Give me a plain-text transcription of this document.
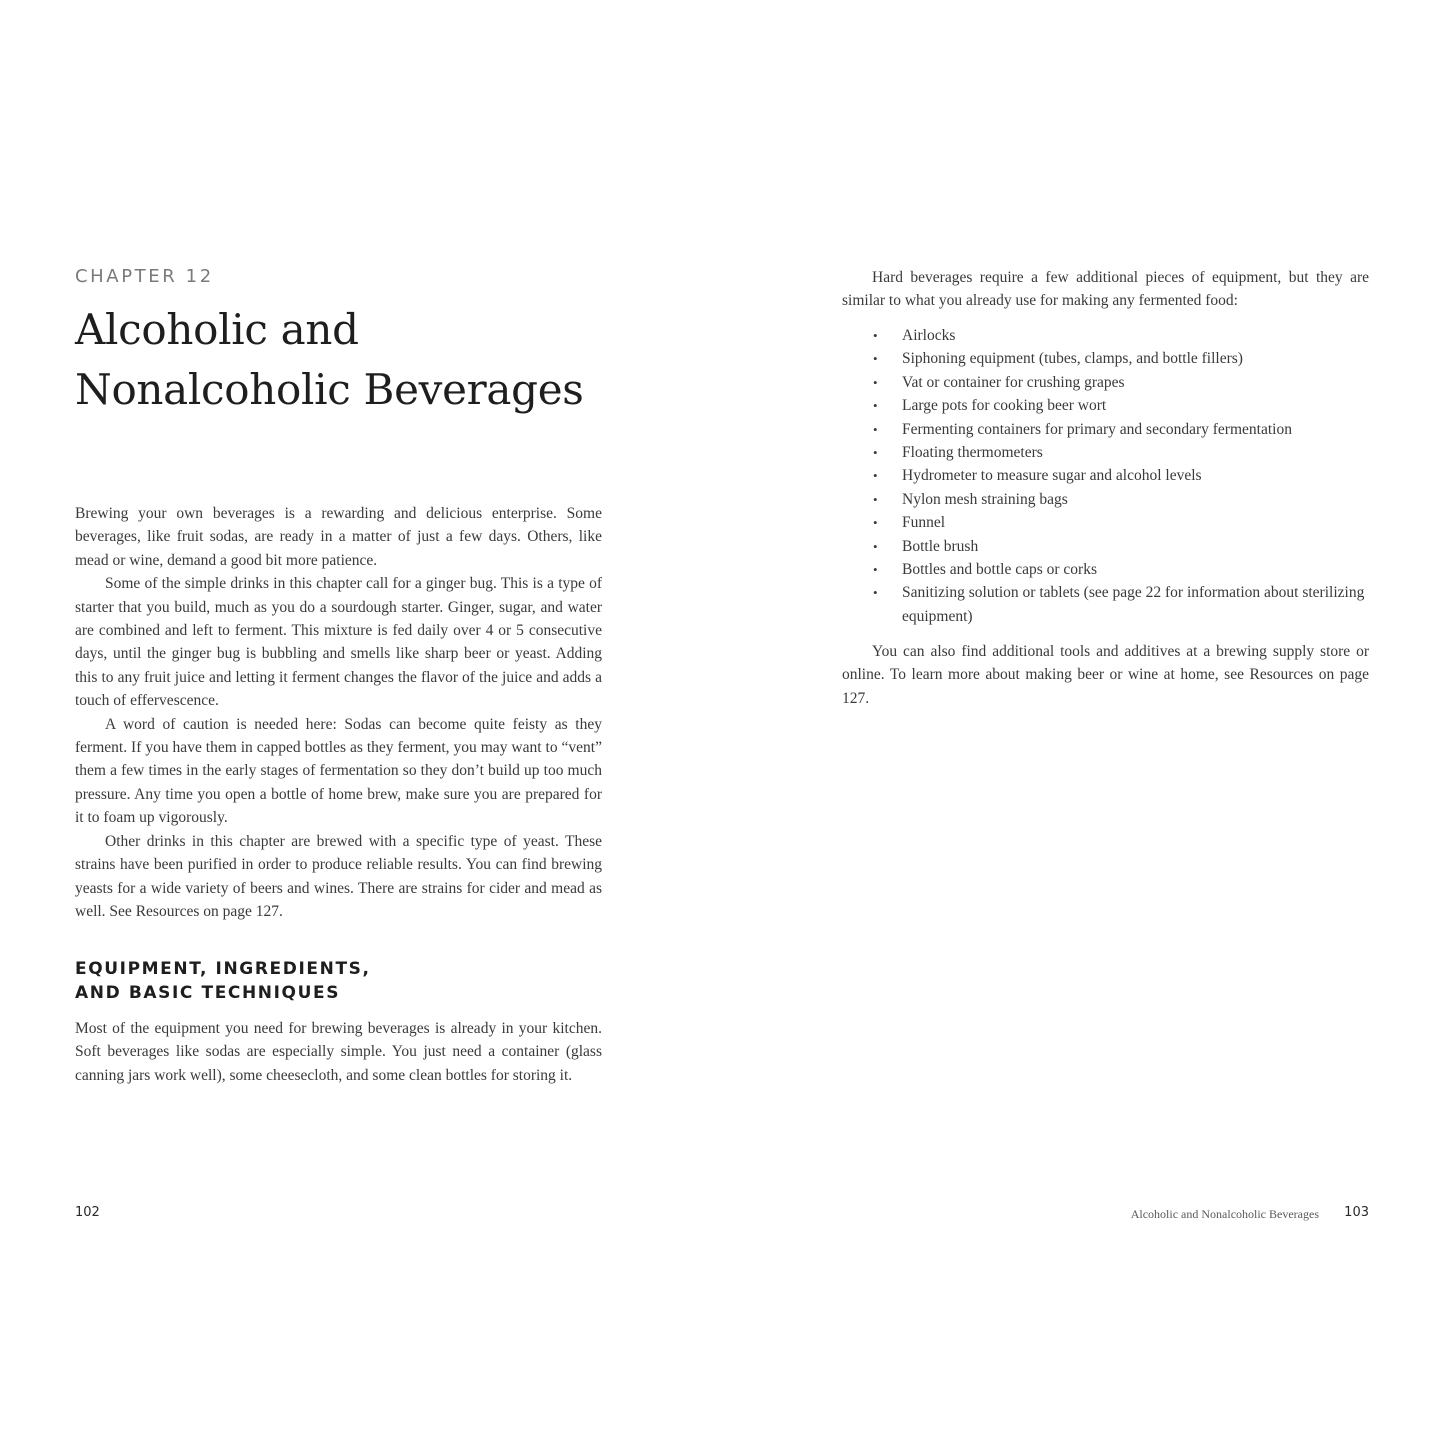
CHAPTER 12
Alcoholic and
Nonalcoholic Beverages

Brewing your own beverages is a rewarding and delicious enterprise. Some beverages, like fruit sodas, are ready in a matter of just a few days. Others, like mead or wine, demand a good bit more patience.

Some of the simple drinks in this chapter call for a ginger bug. This is a type of starter that you build, much as you do a sourdough starter. Ginger, sugar, and water are combined and left to ferment. This mixture is fed daily over 4 or 5 consecutive days, until the ginger bug is bubbling and smells like sharp beer or yeast. Adding this to any fruit juice and letting it ferment changes the flavor of the juice and adds a touch of effervescence.

A word of caution is needed here: Sodas can become quite feisty as they ferment. If you have them in capped bottles as they ferment, you may want to “vent” them a few times in the early stages of fermentation so they don’t build up too much pressure. Any time you open a bottle of home brew, make sure you are prepared for it to foam up vigorously.

Other drinks in this chapter are brewed with a specific type of yeast. These strains have been purified in order to produce reliable results. You can find brewing yeasts for a wide variety of beers and wines. There are strains for cider and mead as well. See Resources on page 127.

EQUIPMENT, INGREDIENTS,
AND BASIC TECHNIQUES

Most of the equipment you need for brewing beverages is already in your kitchen. Soft beverages like sodas are especially simple. You just need a container (glass canning jars work well), some cheesecloth, and some clean bottles for storing it.

102

Hard beverages require a few additional pieces of equipment, but they are similar to what you already use for making any fermented food:

• Airlocks
• Siphoning equipment (tubes, clamps, and bottle fillers)
• Vat or container for crushing grapes
• Large pots for cooking beer wort
• Fermenting containers for primary and secondary fermentation
• Floating thermometers
• Hydrometer to measure sugar and alcohol levels
• Nylon mesh straining bags
• Funnel
• Bottle brush
• Bottles and bottle caps or corks
• Sanitizing solution or tablets (see page 22 for information about sterilizing equipment)

You can also find additional tools and additives at a brewing supply store or online. To learn more about making beer or wine at home, see Resources on page 127.

Alcoholic and Nonalcoholic Beverages 103
